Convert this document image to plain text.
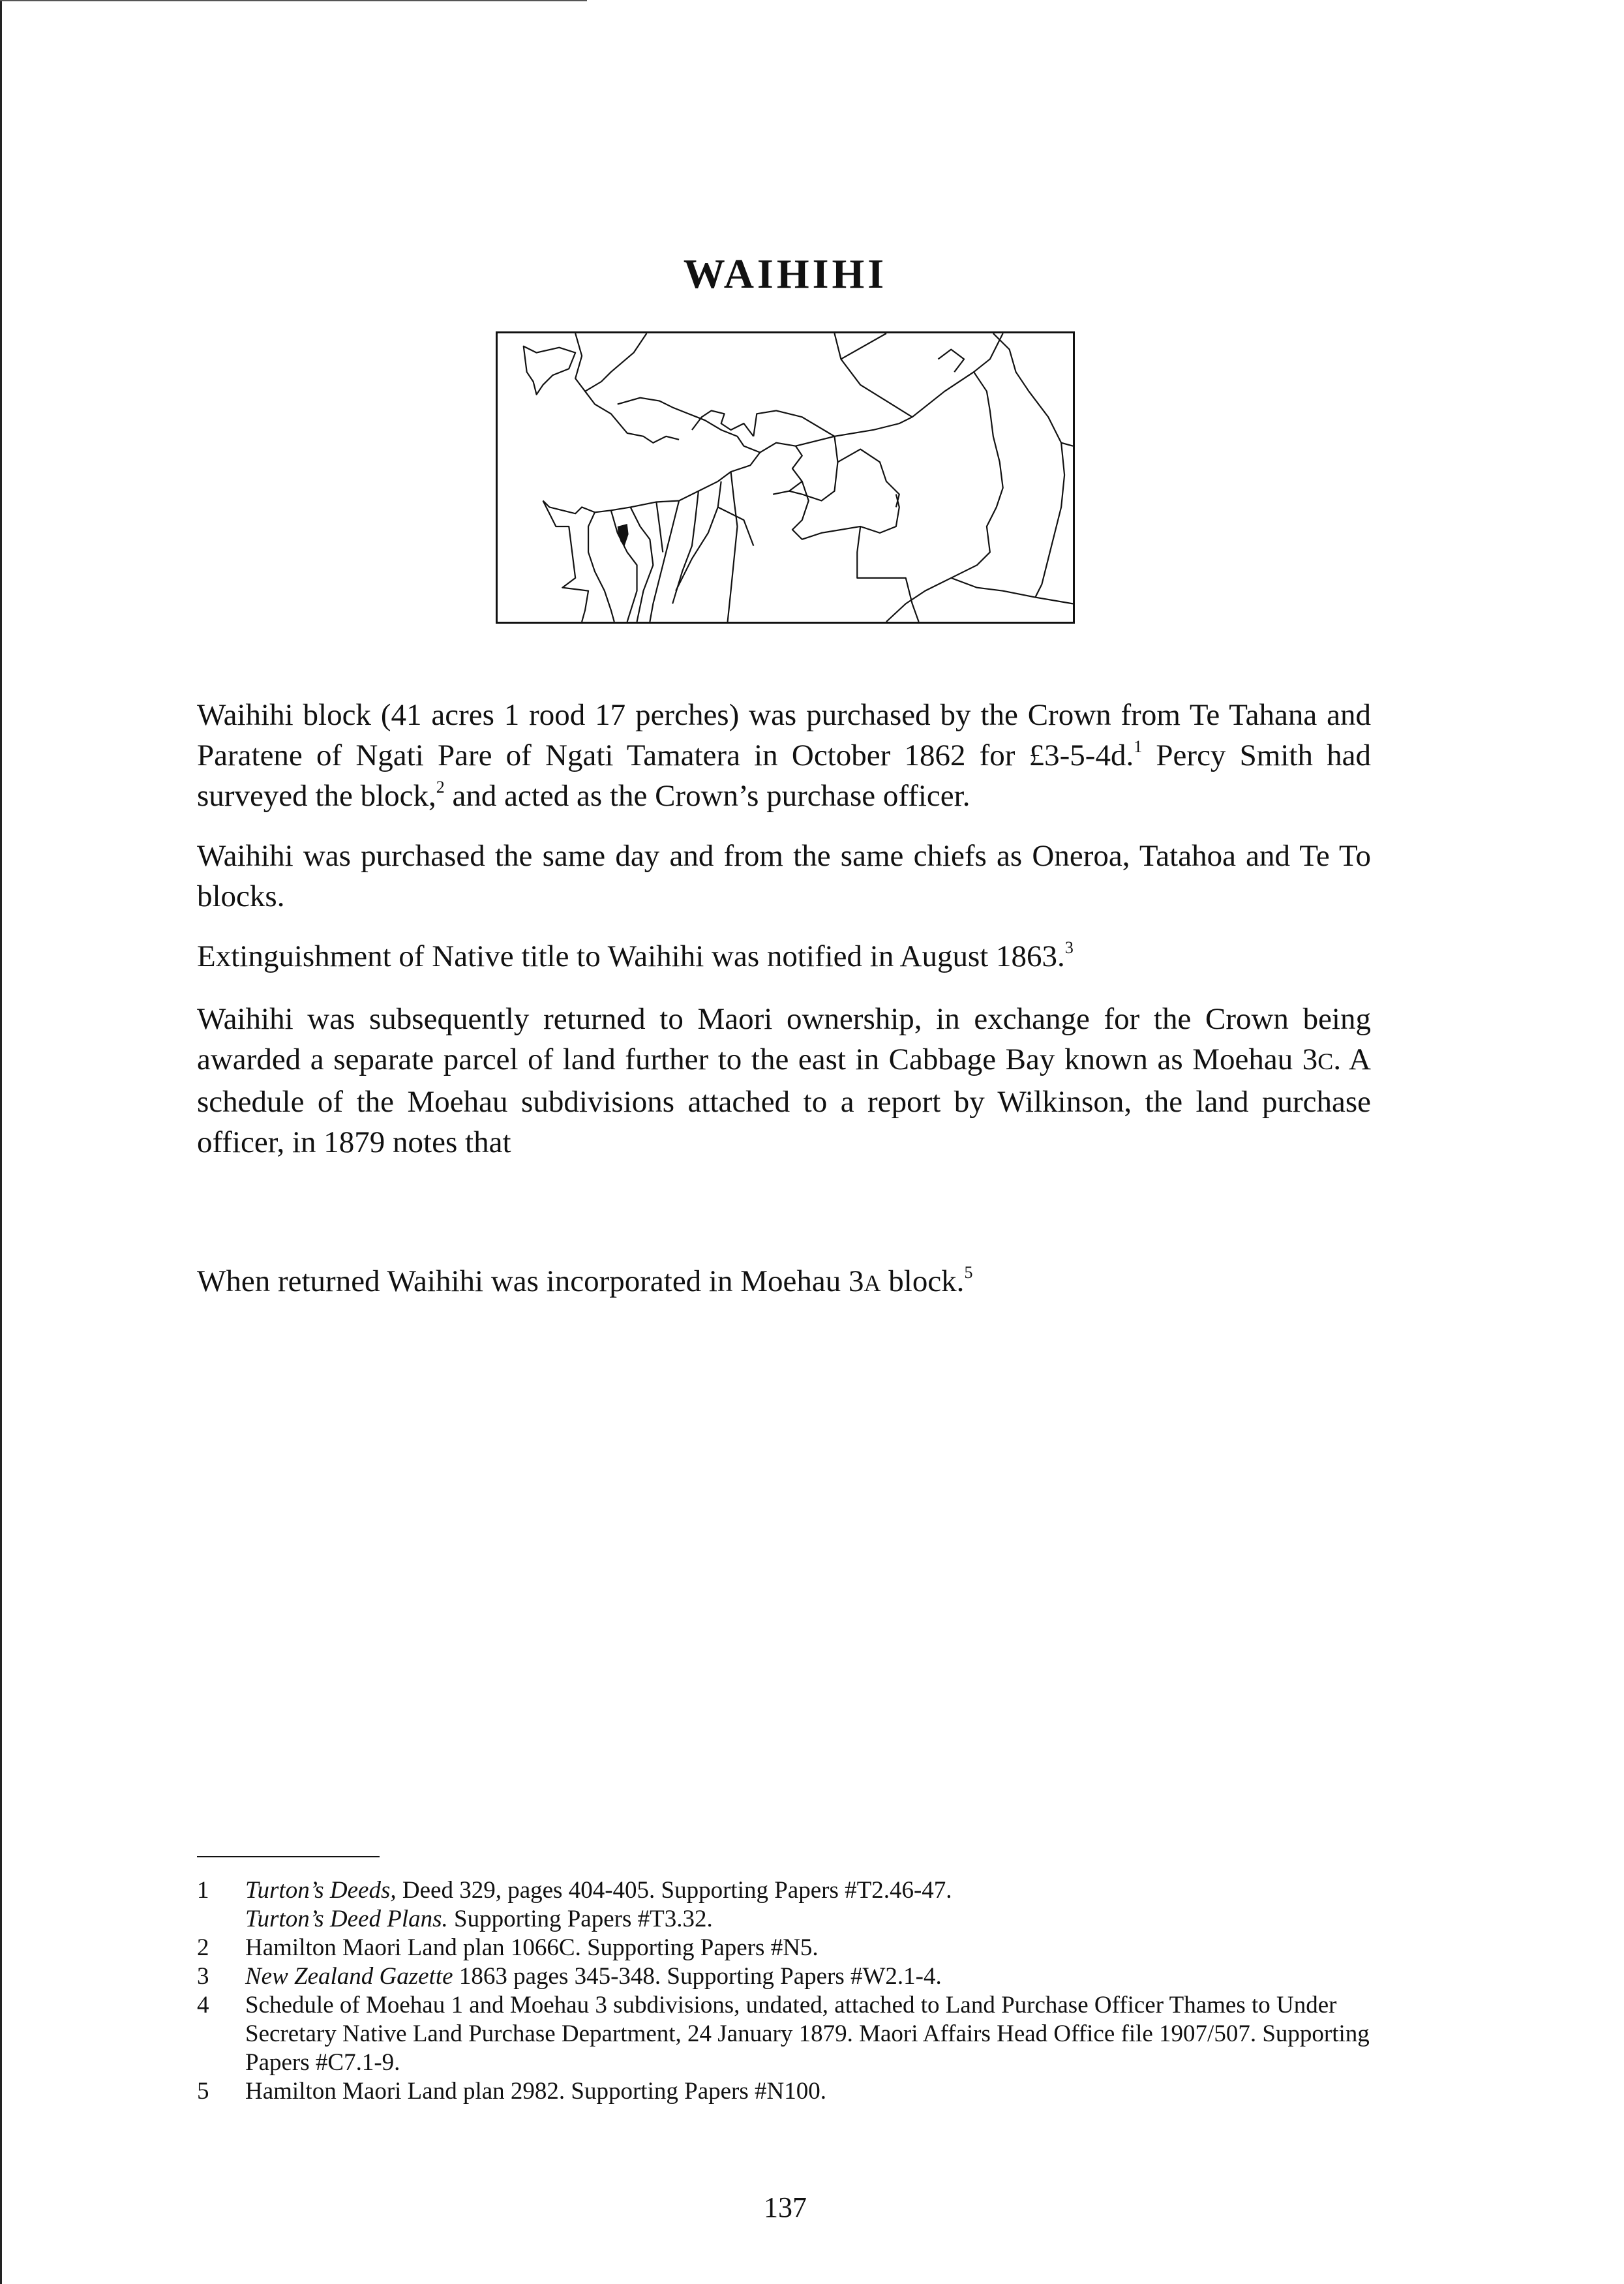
WAIHIHI

Waihihi block (41 acres 1 rood 17 perches) was purchased by the Crown from Te Tahana and Paratene of Ngati Pare of Ngati Tamatera in October 1862 for £3-5-4d.$^1$ Percy Smith had surveyed the block,$^2$ and acted as the Crown’s purchase officer.

Waihihi was purchased the same day and from the same chiefs as Oneroa, Tatahoa and Te To blocks.

Extinguishment of Native title to Waihihi was notified in August 1863.$^3$

Waihihi was subsequently returned to Maori ownership, in exchange for the Crown being awarded a separate parcel of land further to the east in Cabbage Bay known as Moehau 3C. A schedule of the Moehau subdivisions attached to a report by Wilkinson, the land purchase officer, in 1879 notes that

When returned Waihihi was incorporated in Moehau 3A block.$^5$

1	Turton’s Deeds, Deed 329, pages 404-405. Supporting Papers #T2.46-47.
Turton’s Deed Plans. Supporting Papers #T3.32.
2	Hamilton Maori Land plan 1066C. Supporting Papers #N5.
3	New Zealand Gazette 1863 pages 345-348. Supporting Papers #W2.1-4.
4	Schedule of Moehau 1 and Moehau 3 subdivisions, undated, attached to Land Purchase Officer Thames to Under Secretary Native Land Purchase Department, 24 January 1879. Maori Affairs Head Office file 1907/507. Supporting Papers #C7.1-9.
5	Hamilton Maori Land plan 2982. Supporting Papers #N100.
137
